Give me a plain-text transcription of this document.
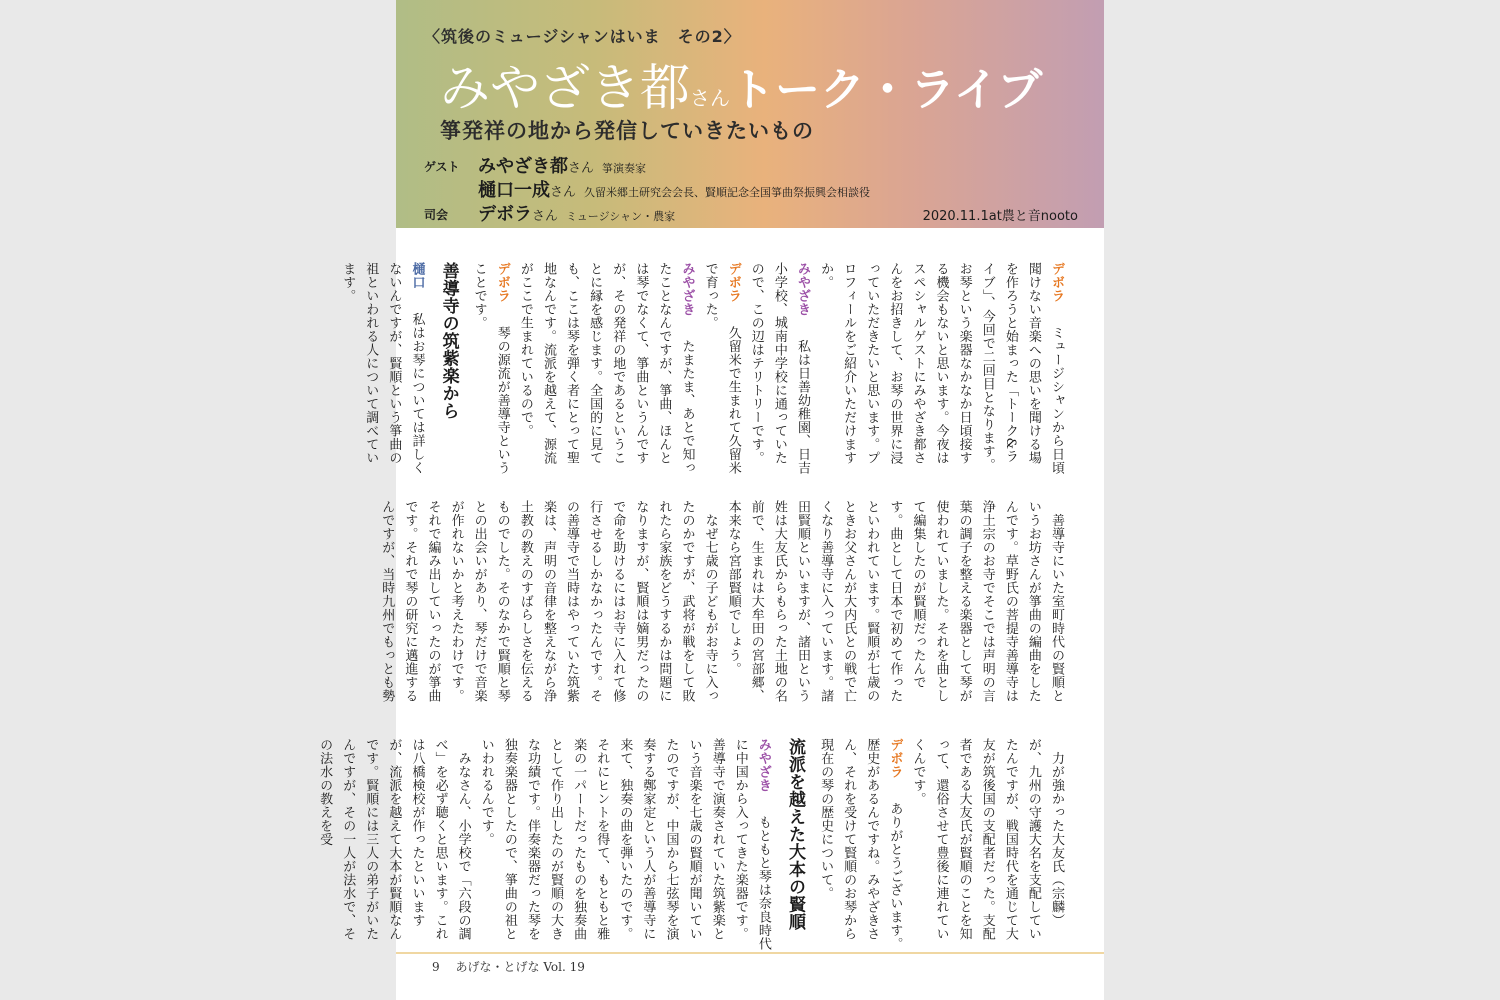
〈筑後のミュージシャンはいま　その2〉
みやざき都さんトーク・ライブ
箏発祥の地から発信していきたいもの
ゲスト みやざき都さん 箏演奏家
樋口一成さん 久留米郷土研究会会長、賢順記念全国箏曲祭振興会相談役
司会 デボラさん ミュージシャン・農家	2020.11.1at農と音nooto

デボラ　ミュージシャンから日頃聞けない音楽への思いを聞ける場を作ろうと始まった「トーク&ライブ」、今回で二回目となります。お琴という楽器なかなか日頃接する機会もないと思います。今夜はスペシャルゲストにみやざき都さんをお招きして、お琴の世界に浸っていただきたいと思います。プロフィールをご紹介いただけますか。

みやざき　私は日善幼稚園、日吉小学校、城南中学校に通っていたので、この辺はテリトリーです。

デボラ　久留米で生まれて久留米で育った。

みやざき　たまたま、あとで知ったことなんですが、箏曲、ほんとは琴でなくて、箏曲というんですが、その発祥の地であるということに縁を感じます。全国的に見ても、ここは琴を弾く者にとって聖地なんです。流派を越えて、源流がここで生まれているので。

デボラ　琴の源流が善導寺ということです。

善導寺の筑紫楽から

樋口　私はお琴については詳しくないんですが、賢順という箏曲の祖といわれる人について調べています。

　善導寺にいた室町時代の賢順というお坊さんが箏曲の編曲をしたんです。草野氏の菩提寺善導寺は浄土宗のお寺でそこでは声明の言葉の調子を整える楽器として琴が使われていました。それを曲として編集したのが賢順だったんです。曲として日本で初めて作ったといわれています。賢順が七歳のときお父さんが大内氏との戦で亡くなり善導寺に入っています。諸田賢順といいますが、諸田という姓は大友氏からもらった土地の名前で、生まれは大牟田の宮部郷、本来なら宮部賢順でしょう。

　なぜ七歳の子どもがお寺に入ったのかですが、武将が戦をして敗れたら家族をどうするかは問題になりますが、賢順は嫡男だったので命を助けるにはお寺に入れて修行させるしかなかったんです。その善導寺で当時はやっていた筑紫楽は、声明の音律を整えながら浄土教の教えのすばらしさを伝えるものでした。そのなかで賢順と琴との出会いがあり、琴だけで音楽が作れないかと考えたわけです。それで編み出していったのが箏曲です。それで琴の研究に邁進するんですが、当時九州でもっとも勢

　力が強かった大友氏（宗麟）が、九州の守護大名を支配していたんですが、戦国時代を通じて大友が筑後国の支配者だった。支配者である大友氏が賢順のことを知って、還俗させて豊後に連れていくんです。

デボラ　ありがとうございます。歴史があるんですね。みやざきさん、それを受けて賢順のお琴から現在の琴の歴史について。

流派を越えた大本の賢順

みやざき　もともと琴は奈良時代に中国から入ってきた楽器です。善導寺で演奏されていた筑紫楽という音楽を七歳の賢順が聞いていたのですが、中国から七弦琴を演奏する鄭家定という人が善導寺に来て、独奏の曲を弾いたのです。それにヒントを得て、もともと雅楽の一パートだったものを独奏曲として作り出したのが賢順の大きな功績です。伴奏楽器だった琴を独奏楽器としたので、箏曲の祖といわれるんです。

　みなさん、小学校で「六段の調べ」を必ず聴くと思います。これは八橋検校が作ったといいますが、流派を越えて大本が賢順なんです。賢順には三人の弟子がいたんですが、その一人が法水で、その法水の教えを受

9 あげな・とげな Vol. 19
